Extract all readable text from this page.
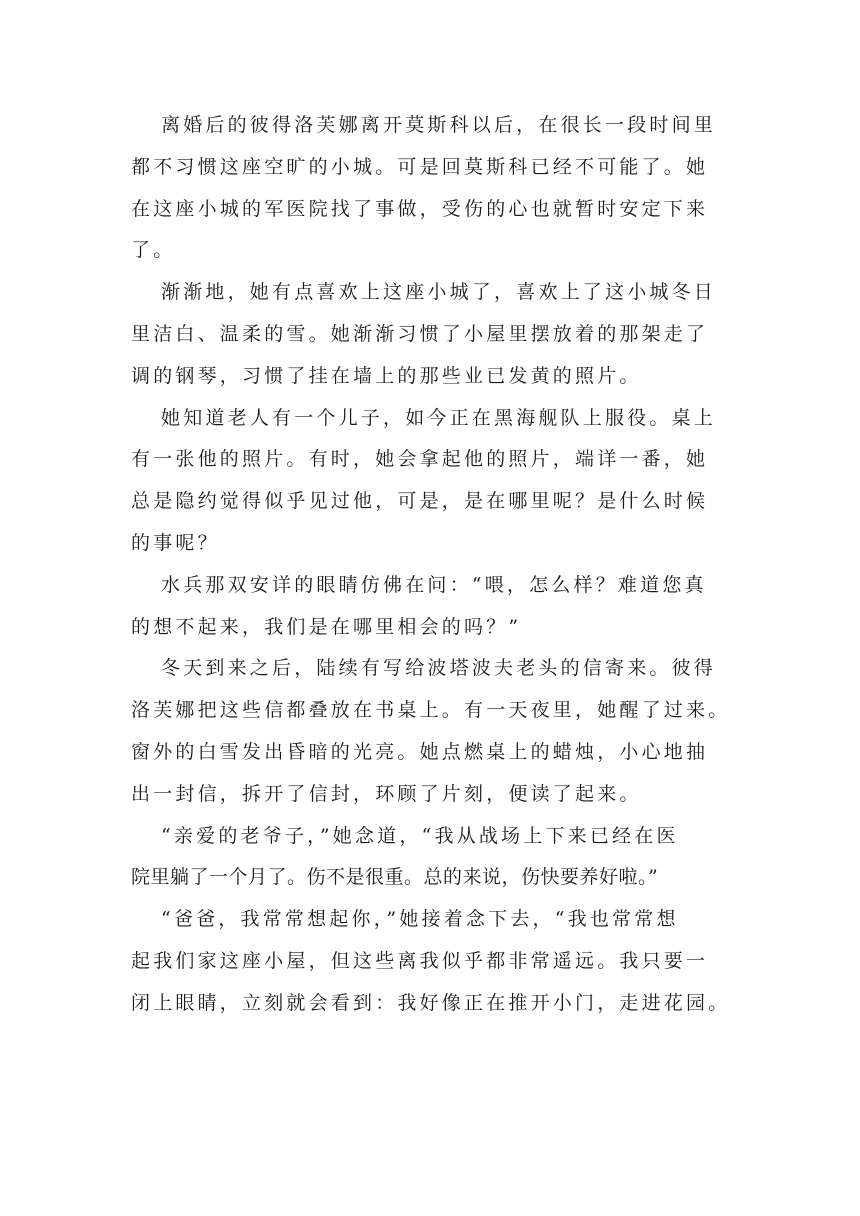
离婚后的彼得洛芙娜离开莫斯科以后，在很长一段时间里
都不习惯这座空旷的小城。可是回莫斯科已经不可能了。她
在这座小城的军医院找了事做，受伤的心也就暂时安定下来
了。
渐渐地，她有点喜欢上这座小城了，喜欢上了这小城冬日
里洁白、温柔的雪。她渐渐习惯了小屋里摆放着的那架走了
调的钢琴，习惯了挂在墙上的那些业已发黄的照片。
她知道老人有一个儿子，如今正在黑海舰队上服役。桌上
有一张他的照片。有时，她会拿起他的照片，端详一番，她
总是隐约觉得似乎见过他，可是，是在哪里呢？是什么时候
的事呢？
水兵那双安详的眼睛仿佛在问：“喂，怎么样？难道您真
的想不起来，我们是在哪里相会的吗？”
冬天到来之后，陆续有写给波塔波夫老头的信寄来。彼得
洛芙娜把这些信都叠放在书桌上。有一天夜里，她醒了过来。
窗外的白雪发出昏暗的光亮。她点燃桌上的蜡烛，小心地抽
出一封信，拆开了信封，环顾了片刻，便读了起来。
“亲爱的老爷子，”她念道，“我从战场上下来已经在医
院里躺了一个月了。伤不是很重。总的来说，伤快要养好啦。”
“爸爸，我常常想起你，”她接着念下去，“我也常常想
起我们家这座小屋，但这些离我似乎都非常遥远。我只要一
闭上眼睛，立刻就会看到：我好像正在推开小门，走进花园。
